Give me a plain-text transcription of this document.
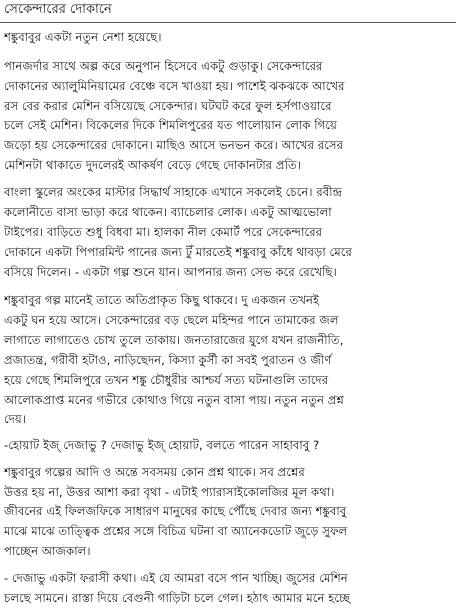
সেকেন্দারের দোকানে

শঙ্কুবাবুর একটা নতুন নেশা হয়েছে।

পানজর্দার সাথে অল্প করে অনুপান হিসেবে একটু গুড়াকু। সেকেন্দারের
দোকানের অ্যালুমিনিয়ামের বেঞ্চে বসে খাওয়া হয়। পাশেই ঝকঝকে আখের
রস বের করার মেশিন বসিয়েছে সেকেন্দার। ঘটঘট করে ফুল হর্সপাওয়ারে
চলে সেই মেশিন। বিকেলের দিকে শিমলিপুরের যত পালোয়ান লোক গিয়ে
জড়ো হয় সেকেন্দারের দোকানে। মাছিও আসে ভনভন করে। আখের রসের
মেশিনটা থাকাতে দুদলেরই আকর্ষণ বেড়ে গেছে দোকানটার প্রতি।

বাংলা স্কুলের অংকের মাস্টার সিদ্ধার্থ সাহাকে এখানে সকলেই চেনে। রবীন্দ্র
কলোনীতে বাসা ভাড়া করে থাকেন। ব্যাচেলার লোক। একটু আত্মভোলা
টাইপের। বাড়িতে শুধু বিধবা মা। হালকা নীল কেমার্ট পরে সেকেন্দারের
দোকানে একটা পিপারমিন্ট পানের জন্য টুঁ মারতেই শঙ্কুবাবু কাঁধে থাবড়া মেরে
বসিয়ে দিলেন। - একটা গল্প শুনে যান। আপনার জন্য সেভ করে রেখেছি।

শঙ্কুবাবুর গল্প মানেই তাতে অতিপ্রাকৃত কিছু থাকবে। দু একজন তখনই
একটু ঘন হয়ে আসে। সেকেন্দারের বড় ছেলে মহিন্দর পানে তামাকের জল
লাগাতে লাগাতেও চোখ তুলে তাকায়। জনতারাজের যুগে যখন রাজনীতি,
প্রজাতন্ত্র, গরীবী হটাও, নাড়িছেদন, কিস্যা কুর্সী কা সবই পুরাতন ও জীর্ণ
হয়ে গেছে শিমলিপুরে তখন শঙ্কু চৌধুরীর আশ্চর্য সত্য ঘটনাগুলি তাদের
আলোকপ্রাপ্ত মনের গভীরে কোথাও গিয়ে নতুন বাসা পায়। নতুন নতুন প্রশ্ন
দেয়।

-হোয়াট ইজ্ দেজাভু ? দেজাভু ইজ্ হোয়াট, বলতে পারেন সাহাবাবু ?

শঙ্কুবাবুর গল্পের আদি ও অন্তে সবসময় কোন প্রশ্ন থাকে। সব প্রশ্নের
উত্তর হয় না, উত্তর আশা করা বৃথা - এটাই প্যারাসাইকোলজির মূল কথা।
জীবনের এই ফিলজফিকে সাধারণ মানুষের কাছে পৌঁছে দেবার জন্য শঙ্কুবাবু
মাঝে মাঝে তাত্ত্বিক প্রশ্নের সঙ্গে বিচিত্র ঘটনা বা অ্যানেকডোট জুড়ে সুফল
পাচ্ছেন আজকাল।

- দেজাভু একটা ফরাসী কথা। এই যে আমরা বসে পান খাচ্ছি। জুসের মেশিন
চলছে সামনে। রাস্তা দিয়ে বেগুনী গাড়িটা চলে গেল। হঠাৎ আমার মনে হচ্ছে
